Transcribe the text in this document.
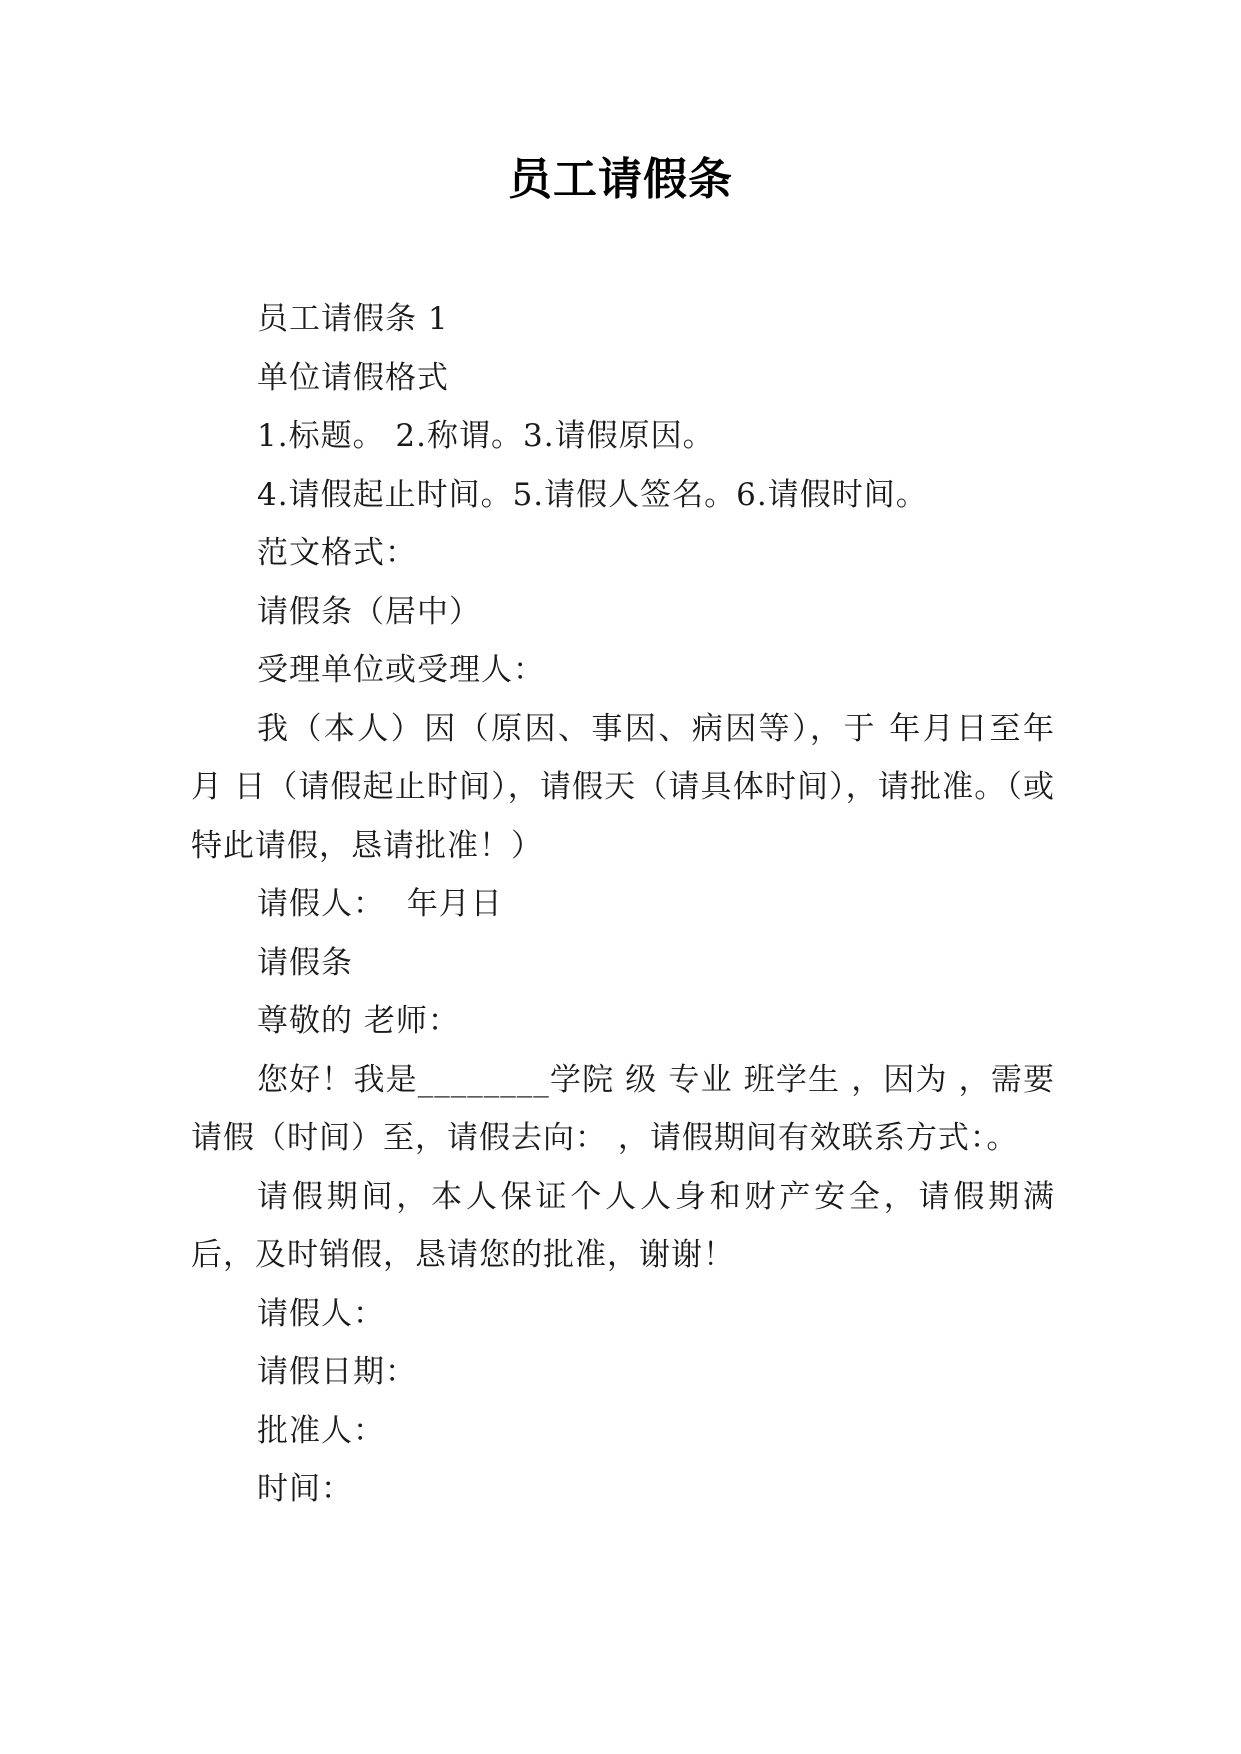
员工请假条

员工请假条 1

单位请假格式

1.标题。 2.称谓。3.请假原因。

4.请假起止时间。5.请假人签名。6.请假时间。

范文格式：

请假条（居中）

受理单位或受理人：

我（本人）因（原因、事因、病因等），于 年月日至年 月 日（请假起止时间），请假天（请具体时间），请批准。（或特此请假，恳请批准！）

请假人：  年月日

请假条

尊敬的 老师：

您好！我是________学院 级 专业 班学生 ，因为 ，需要请假（时间）至，请假去向： ，请假期间有效联系方式：。

请假期间，本人保证个人人身和财产安全，请假期满后，及时销假，恳请您的批准，谢谢！

请假人：

请假日期：

批准人：

时间：
